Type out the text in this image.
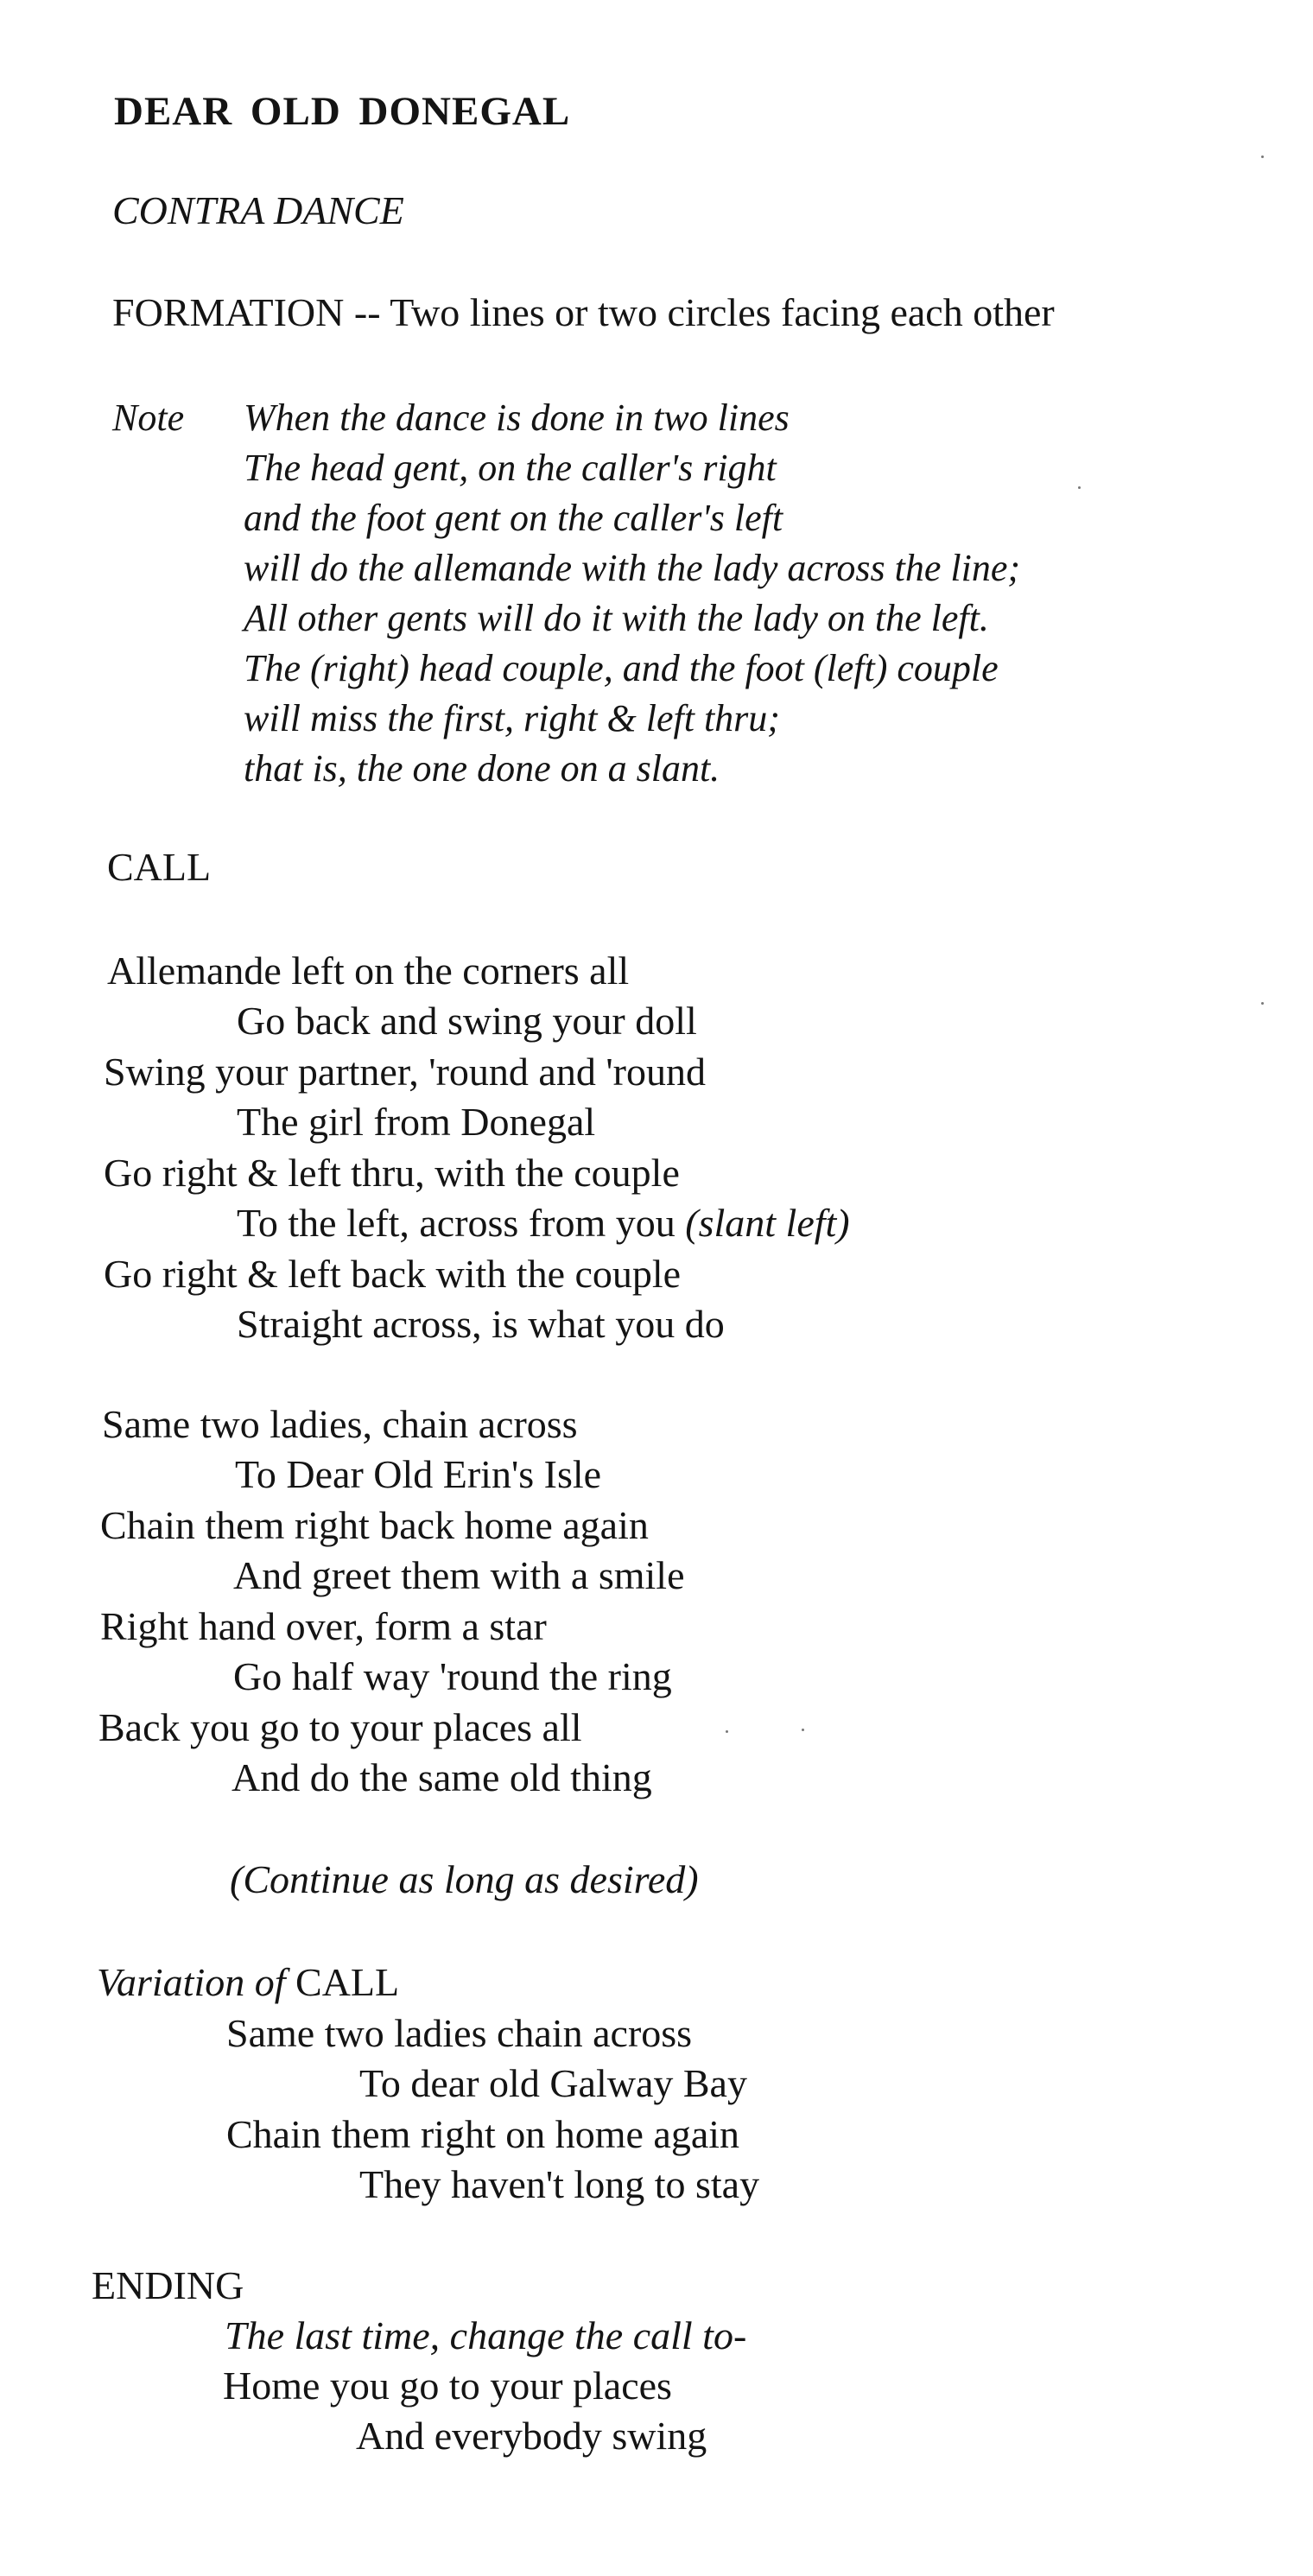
DEAR OLD DONEGAL
CONTRA DANCE
FORMATION -- Two lines or two circles facing each other
Note When the dance is done in two lines
The head gent, on the caller's right
and the foot gent on the caller's left
will do the allemande with the lady across the line;
All other gents will do it with the lady on the left.
The (right) head couple, and the foot (left) couple
will miss the first, right & left thru;
that is, the one done on a slant.
CALL
Allemande left on the corners all
Go back and swing your doll
Swing your partner, 'round and 'round
The girl from Donegal
Go right & left thru, with the couple
To the left, across from you (slant left)
Go right & left back with the couple
Straight across, is what you do
Same two ladies, chain across
To Dear Old Erin's Isle
Chain them right back home again
And greet them with a smile
Right hand over, form a star
Go half way 'round the ring
Back you go to your places all
And do the same old thing
(Continue as long as desired)
Variation of CALL
Same two ladies chain across
To dear old Galway Bay
Chain them right on home again
They haven't long to stay
ENDING
The last time, change the call to-
Home you go to your places
And everybody swing
